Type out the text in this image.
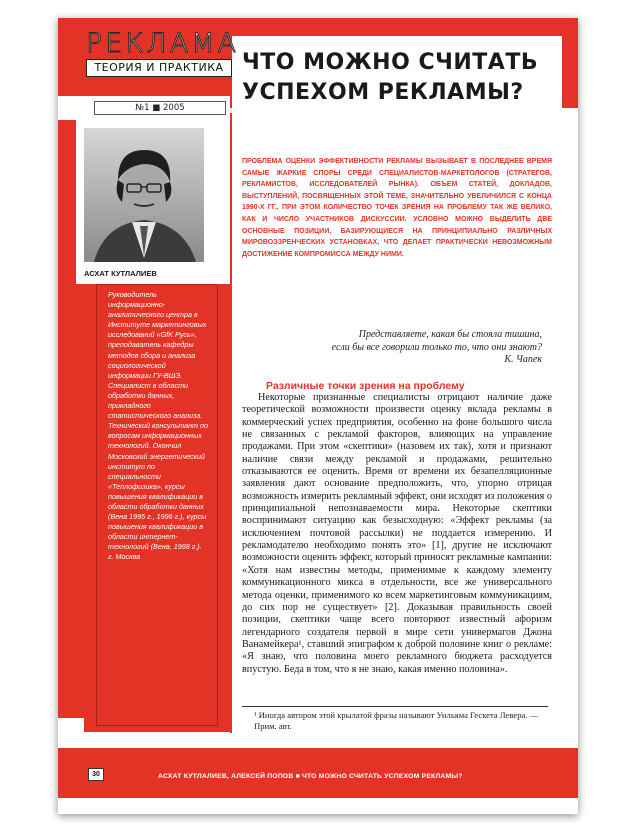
РЕКЛАМА
ТЕОРИЯ И ПРАКТИКА
№1 ■ 2005
ЧТО МОЖНО СЧИТАТЬ
УСПЕХОМ РЕКЛАМЫ?
ПРОБЛЕМА ОЦЕНКИ ЭФФЕКТИВНОСТИ РЕКЛАМЫ ВЫЗЫВАЕТ В ПОСЛЕДНЕЕ ВРЕМЯ САМЫЕ ЖАРКИЕ СПОРЫ СРЕДИ СПЕЦИАЛИСТОВ-МАРКЕТОЛОГОВ (СТРАТЕГОВ, РЕКЛАМИСТОВ, ИССЛЕДОВАТЕЛЕЙ РЫНКА). ОБЪЕМ СТАТЕЙ, ДОКЛАДОВ, ВЫСТУПЛЕНИЙ, ПОСВЯЩЕННЫХ ЭТОЙ ТЕМЕ, ЗНАЧИТЕЛЬНО УВЕЛИЧИЛСЯ С КОНЦА 1990-Х ГГ., ПРИ ЭТОМ КОЛИЧЕСТВО ТОЧЕК ЗРЕНИЯ НА ПРОБЛЕМУ ТАК ЖЕ ВЕЛИКО, КАК И ЧИСЛО УЧАСТНИКОВ ДИСКУССИИ. УСЛОВНО МОЖНО ВЫДЕЛИТЬ ДВЕ ОСНОВНЫЕ ПОЗИЦИИ, БАЗИРУЮЩИЕСЯ НА ПРИНЦИПИАЛЬНО РАЗЛИЧНЫХ МИРОВОЗЗРЕНЧЕСКИХ УСТАНОВКАХ, ЧТО ДЕЛАЕТ ПРАКТИЧЕСКИ НЕВОЗМОЖНЫМ ДОСТИЖЕНИЕ КОМПРОМИССА МЕЖДУ НИМИ.
АСХАТ КУТЛАЛИЕВ
Руководитель информационно-аналитического центра в Институте маркетинговых исследований «GfK Русь», преподаватель кафедры методов сбора и анализа социологической информации ГУ-ВШЭ. Специалист в области обработки данных, прикладного статистического анализа. Технический консультант по вопросам информационных технологий. Окончил Московский энергетический институт по специальности «Теплофизика», курсы повышения квалификации в области обработки данных (Вена 1995 г., 1996 г.), курсы повышения квалификации в области интернет-технологий (Вена, 1998 г.). г. Москва
Представляете, какая бы стояла тишина,
если бы все говорили только то, что они знают?
К. Чапек
Различные точки зрения на проблему

Некоторые признанные специалисты отрицают наличие даже теоретической возможности произвести оценку вклада рекламы в коммерческий успех предприятия, особенно на фоне большого числа не связанных с рекламой факторов, влияющих на управление продажами. При этом «скептики» (назовем их так), хотя и признают наличие связи между рекламой и продажами, решительно отказываются ее оценить. Время от времени их безапелляционные заявления дают основание предположить, что, упорно отрицая возможность измерить рекламный эффект, они исходят из положения о принципиальной непознаваемости мира. Некоторые скептики воспринимают ситуацию как безысходную: «Эффект рекламы (за исключением почтовой рассылки) не поддается измерению. И рекламодателю необходимо понять это» [1], другие не исключают возможности оценить эффект, который приносят рекламные кампании: «Хотя нам известны методы, применимые к каждому элементу коммуникационного микса в отдельности, все же универсального метода оценки, применимого ко всем маркетинговым коммуникациям, до сих пор не существует» [2]. Доказывая правильность своей позиции, скептики чаще всего повторяют известный афоризм легендарного создателя первой в мире сети универмагов Джона Ванамейкера¹, ставший эпиграфом к доброй половине книг о рекламе: «Я знаю, что половина моего рекламного бюджета расходуется впустую. Беда в том, что я не знаю, какая именно половина».

¹ Иногда автором этой крылатой фразы называют Уильяма Гескета Левера. — Прим. авт.
30	АСХАТ КУТЛАЛИЕВ, АЛЕКСЕЙ ПОПОВ ■ ЧТО МОЖНО СЧИТАТЬ УСПЕХОМ РЕКЛАМЫ?
